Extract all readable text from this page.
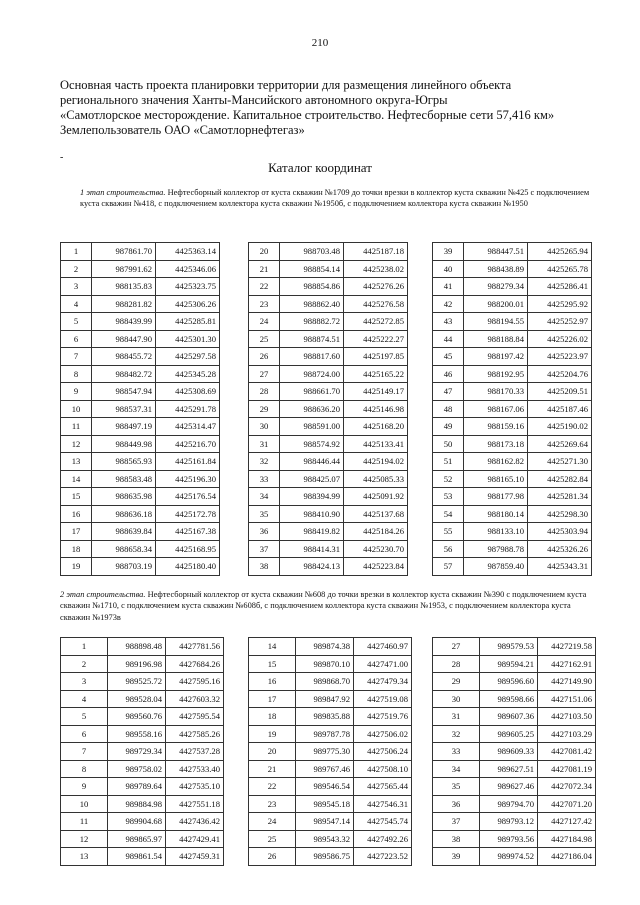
210
Основная часть проекта планировки территории для размещения линейного объекта
регионального значения Ханты-Мансийского автономного округа-Югры
«Самотлорское месторождение. Капитальное строительство. Нефтесборные сети 57,416 км»
Землепользователь ОАО «Самотлорнефтегаз»
-
Каталог координат
1 этап строительства. Нефтесборный коллектор от куста скважин №1709 до точки врезки в коллектор куста скважин №425 с подключением куста скважин №418, с подключением коллектора куста скважин №1950б, с подключением коллектора куста скважин №1950
1	987861.70	4425363.14
2	987991.62	4425346.06
3	988135.83	4425323.75
4	988281.82	4425306.26
5	988439.99	4425285.81
6	988447.90	4425301.30
7	988455.72	4425297.58
8	988482.72	4425345.28
9	988547.94	4425308.69
10	988537.31	4425291.78
11	988497.19	4425314.47
12	988449.98	4425216.70
13	988565.93	4425161.84
14	988583.48	4425196.30
15	988635.98	4425176.54
16	988636.18	4425172.78
17	988639.84	4425167.38
18	988658.34	4425168.95
19	988703.19	4425180.40
20	988703.48	4425187.18
21	988854.14	4425238.02
22	988854.86	4425276.26
23	988862.40	4425276.58
24	988882.72	4425272.85
25	988874.51	4425222.27
26	988817.60	4425197.85
27	988724.00	4425165.22
28	988661.70	4425149.17
29	988636.20	4425146.98
30	988591.00	4425168.20
31	988574.92	4425133.41
32	988446.44	4425194.02
33	988425.07	4425085.33
34	988394.99	4425091.92
35	988410.90	4425137.68
36	988419.82	4425184.26
37	988414.31	4425230.70
38	988424.13	4425223.84
39	988447.51	4425265.94
40	988438.89	4425265.78
41	988279.34	4425286.41
42	988200.01	4425295.92
43	988194.55	4425252.97
44	988188.84	4425226.02
45	988197.42	4425223.97
46	988192.95	4425204.76
47	988170.33	4425209.51
48	988167.06	4425187.46
49	988159.16	4425190.02
50	988173.18	4425269.64
51	988162.82	4425271.30
52	988165.10	4425282.84
53	988177.98	4425281.34
54	988180.14	4425298.30
55	988133.10	4425303.94
56	987988.78	4425326.26
57	987859.40	4425343.31
2 этап строительства. Нефтесборный коллектор от куста скважин №608 до точки врезки в коллектор куста скважин №390 с подключением куста скважин №1710, с подключением куста скважин №608б, с подключением коллектора куста скважин №1953, с подключением коллектора куста скважин №1973в
1	988898.48	4427781.56
2	989196.98	4427684.26
3	989525.72	4427595.16
4	989528.04	4427603.32
5	989560.76	4427595.54
6	989558.16	4427585.26
7	989729.34	4427537.28
8	989758.02	4427533.40
9	989789.64	4427535.10
10	989884.98	4427551.18
11	989904.68	4427436.42
12	989865.97	4427429.41
13	989861.54	4427459.31
14	989874.38	4427460.97
15	989870.10	4427471.00
16	989868.70	4427479.34
17	989847.92	4427519.08
18	989835.88	4427519.76
19	989787.78	4427506.02
20	989775.30	4427506.24
21	989767.46	4427508.10
22	989546.54	4427565.44
23	989545.18	4427546.31
24	989547.14	4427545.74
25	989543.32	4427492.26
26	989586.75	4427223.52
27	989579.53	4427219.58
28	989594.21	4427162.91
29	989596.60	4427149.90
30	989598.66	4427151.06
31	989607.36	4427103.50
32	989605.25	4427103.29
33	989609.33	4427081.42
34	989627.51	4427081.19
35	989627.46	4427072.34
36	989794.70	4427071.20
37	989793.12	4427127.42
38	989793.56	4427184.98
39	989974.52	4427186.04
